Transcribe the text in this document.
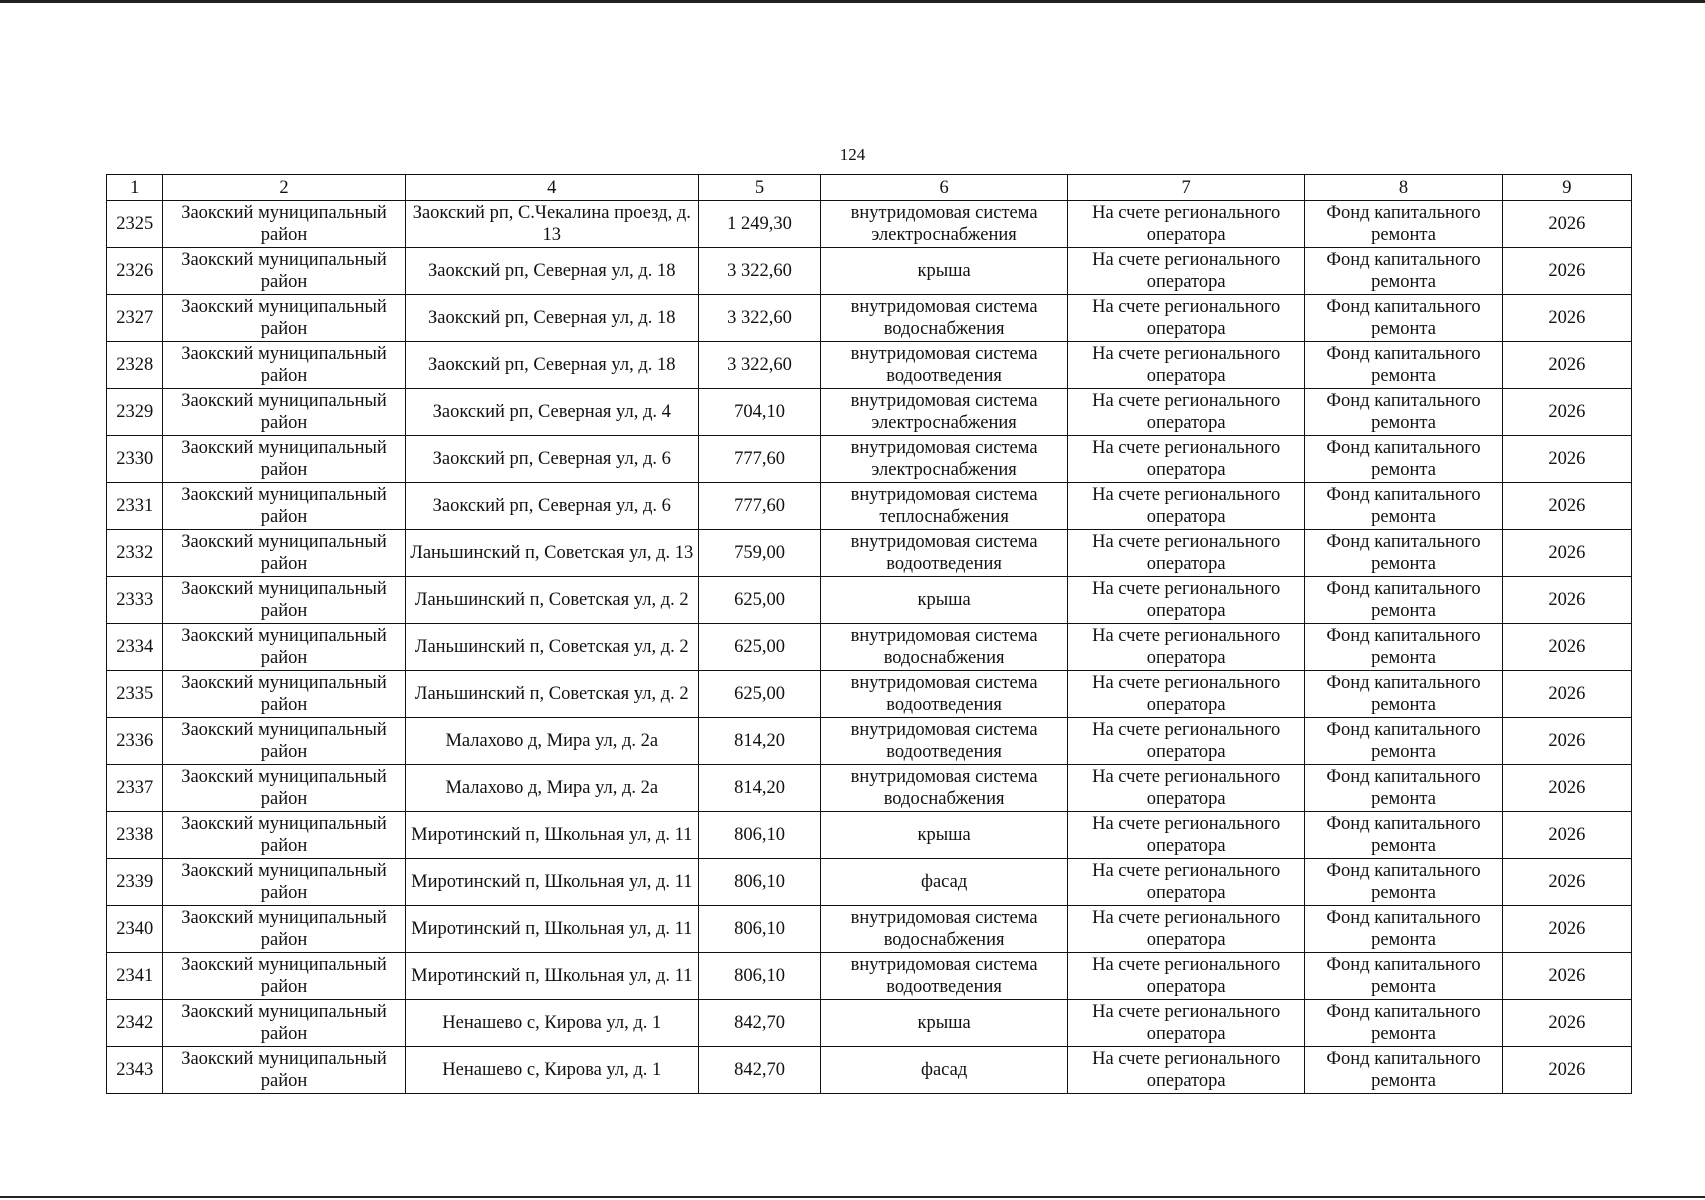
124
1	2	4	5	6	7	8	9
2325	Заокский муниципальный район	Заокский рп, С.Чекалина проезд, д. 13	1 249,30	внутридомовая система электроснабжения	На счете регионального оператора	Фонд капитального ремонта	2026
2326	Заокский муниципальный район	Заокский рп, Северная ул, д. 18	3 322,60	крыша	На счете регионального оператора	Фонд капитального ремонта	2026
2327	Заокский муниципальный район	Заокский рп, Северная ул, д. 18	3 322,60	внутридомовая система водоснабжения	На счете регионального оператора	Фонд капитального ремонта	2026
2328	Заокский муниципальный район	Заокский рп, Северная ул, д. 18	3 322,60	внутридомовая система водоотведения	На счете регионального оператора	Фонд капитального ремонта	2026
2329	Заокский муниципальный район	Заокский рп, Северная ул, д. 4	704,10	внутридомовая система электроснабжения	На счете регионального оператора	Фонд капитального ремонта	2026
2330	Заокский муниципальный район	Заокский рп, Северная ул, д. 6	777,60	внутридомовая система электроснабжения	На счете регионального оператора	Фонд капитального ремонта	2026
2331	Заокский муниципальный район	Заокский рп, Северная ул, д. 6	777,60	внутридомовая система теплоснабжения	На счете регионального оператора	Фонд капитального ремонта	2026
2332	Заокский муниципальный район	Ланьшинский п, Советская ул, д. 13	759,00	внутридомовая система водоотведения	На счете регионального оператора	Фонд капитального ремонта	2026
2333	Заокский муниципальный район	Ланьшинский п, Советская ул, д. 2	625,00	крыша	На счете регионального оператора	Фонд капитального ремонта	2026
2334	Заокский муниципальный район	Ланьшинский п, Советская ул, д. 2	625,00	внутридомовая система водоснабжения	На счете регионального оператора	Фонд капитального ремонта	2026
2335	Заокский муниципальный район	Ланьшинский п, Советская ул, д. 2	625,00	внутридомовая система водоотведения	На счете регионального оператора	Фонд капитального ремонта	2026
2336	Заокский муниципальный район	Малахово д, Мира ул, д. 2а	814,20	внутридомовая система водоотведения	На счете регионального оператора	Фонд капитального ремонта	2026
2337	Заокский муниципальный район	Малахово д, Мира ул, д. 2а	814,20	внутридомовая система водоснабжения	На счете регионального оператора	Фонд капитального ремонта	2026
2338	Заокский муниципальный район	Миротинский п, Школьная ул, д. 11	806,10	крыша	На счете регионального оператора	Фонд капитального ремонта	2026
2339	Заокский муниципальный район	Миротинский п, Школьная ул, д. 11	806,10	фасад	На счете регионального оператора	Фонд капитального ремонта	2026
2340	Заокский муниципальный район	Миротинский п, Школьная ул, д. 11	806,10	внутридомовая система водоснабжения	На счете регионального оператора	Фонд капитального ремонта	2026
2341	Заокский муниципальный район	Миротинский п, Школьная ул, д. 11	806,10	внутридомовая система водоотведения	На счете регионального оператора	Фонд капитального ремонта	2026
2342	Заокский муниципальный район	Ненашево с, Кирова ул, д. 1	842,70	крыша	На счете регионального оператора	Фонд капитального ремонта	2026
2343	Заокский муниципальный район	Ненашево с, Кирова ул, д. 1	842,70	фасад	На счете регионального оператора	Фонд капитального ремонта	2026
